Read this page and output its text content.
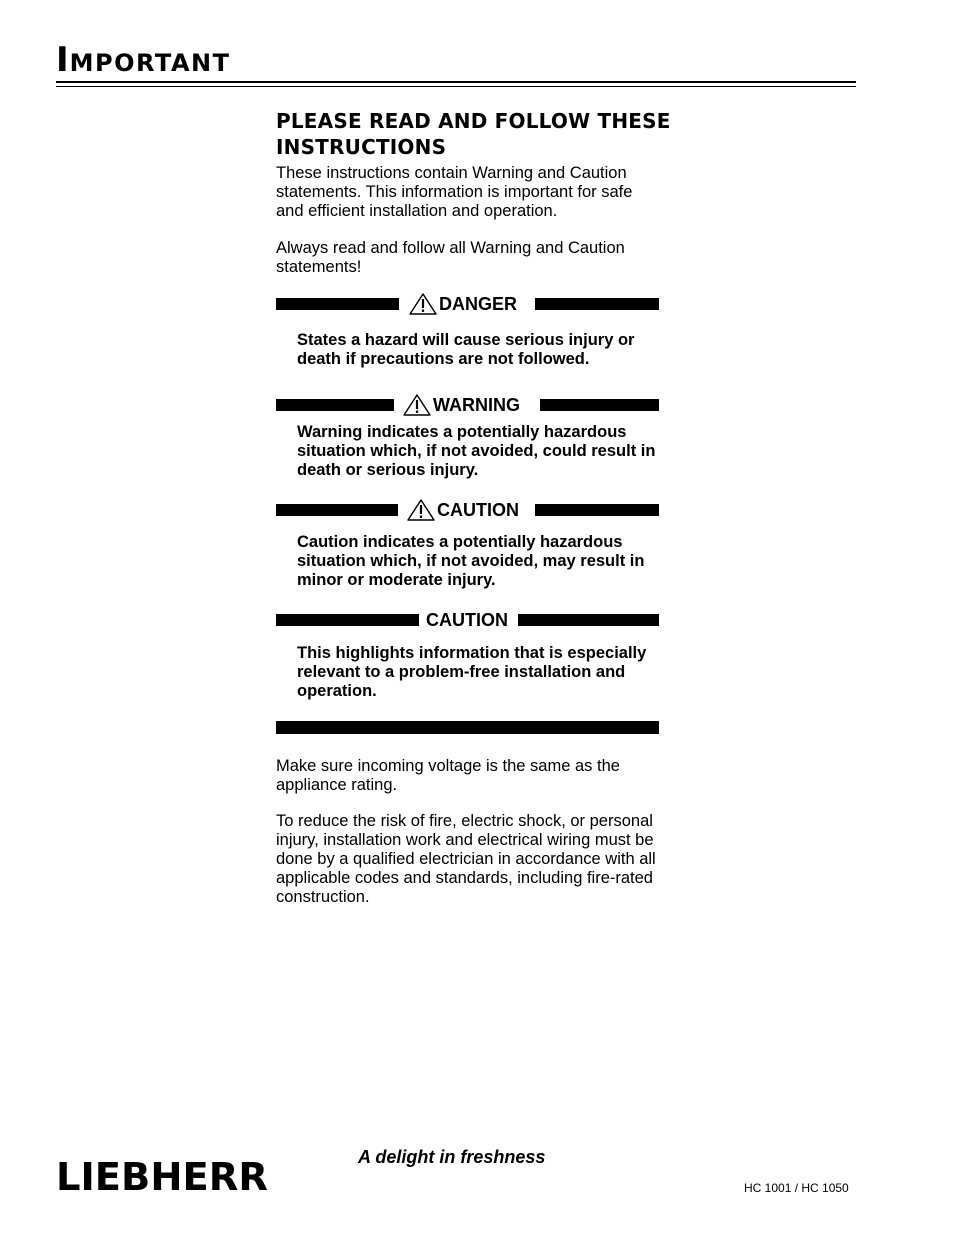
IMPORTANT
PLEASE READ AND FOLLOW THESE INSTRUCTIONS

These instructions contain Warning and Caution statements. This information is important for safe and efficient installation and operation.

Always read and follow all Warning and Caution statements!

DANGER

States a hazard will cause serious injury or death if precautions are not followed.

WARNING

Warning indicates a potentially hazardous situation which, if not avoided, could result in death or serious injury.

CAUTION

Caution indicates a potentially hazardous situation which, if not avoided, may result in minor or moderate injury.

CAUTION

This highlights information that is especially relevant to a problem-free installation and operation.

Make sure incoming voltage is the same as the appliance rating.

To reduce the risk of fire, electric shock, or personal injury, installation work and electrical wiring must be done by a qualified electrician in accordance with all applicable codes and standards, including fire-rated construction.

LIEBHERR	A delight in freshness
HC 1001 / HC 1050
